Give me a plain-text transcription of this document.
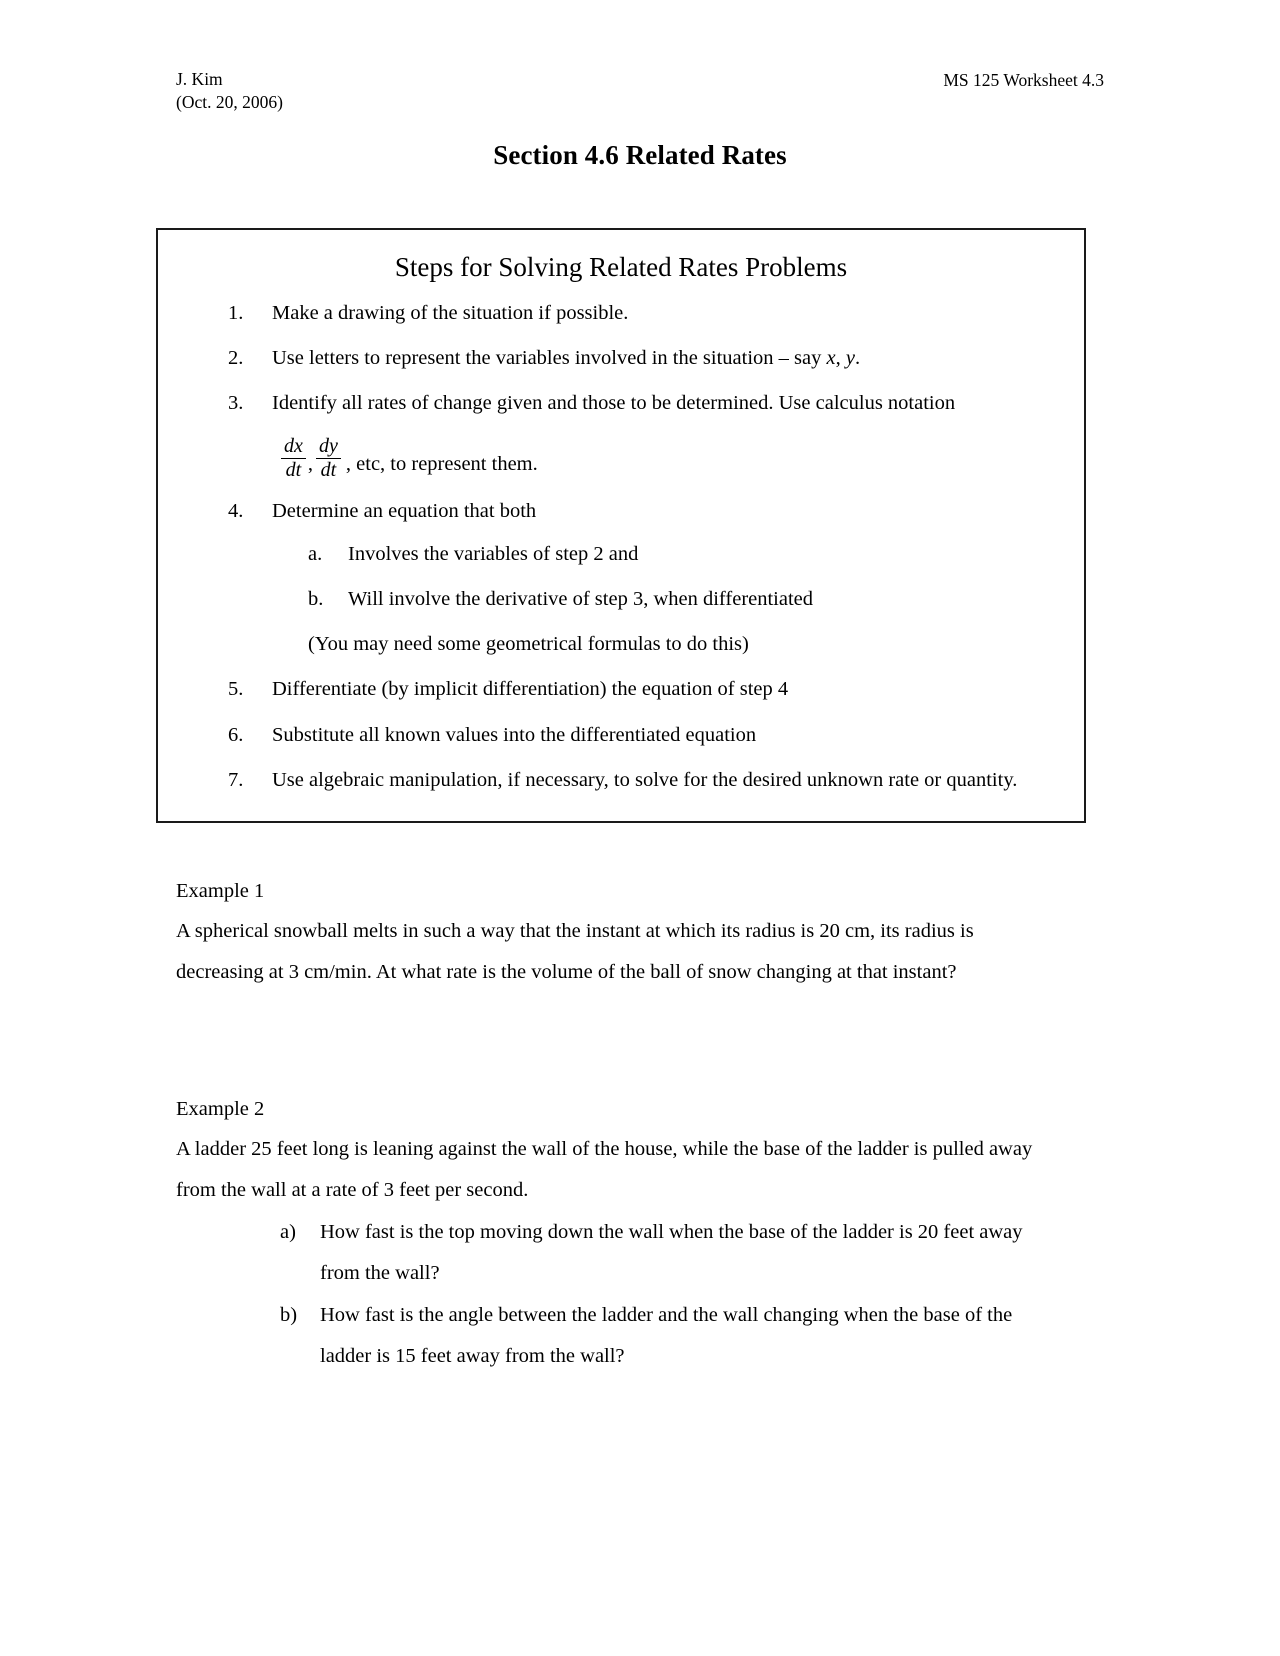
J. Kim
(Oct. 20, 2006)
MS 125 Worksheet 4.3
Section 4.6 Related Rates
Steps for Solving Related Rates Problems
1.	Make a drawing of the situation if possible.
2.	Use letters to represent the variables involved in the situation – say x, y.
3.	Identify all rates of change given and those to be determined. Use calculus notation
$\frac{dx}{dt}$ , $\frac{dy}{dt}$ , etc, to represent them.
4.	Determine an equation that both
a.	Involves the variables of step 2 and
b.	Will involve the derivative of step 3, when differentiated
(You may need some geometrical formulas to do this)
5.	Differentiate (by implicit differentiation) the equation of step 4
6.	Substitute all known values into the differentiated equation
7.	Use algebraic manipulation, if necessary, to solve for the desired unknown rate or quantity.
Example 1
A spherical snowball melts in such a way that the instant at which its radius is 20 cm, its radius is decreasing at 3 cm/min. At what rate is the volume of the ball of snow changing at that instant?
Example 2
A ladder 25 feet long is leaning against the wall of the house, while the base of the ladder is pulled away from the wall at a rate of 3 feet per second.
a)	How fast is the top moving down the wall when the base of the ladder is 20 feet away from the wall?
b)	How fast is the angle between the ladder and the wall changing when the base of the ladder is 15 feet away from the wall?
